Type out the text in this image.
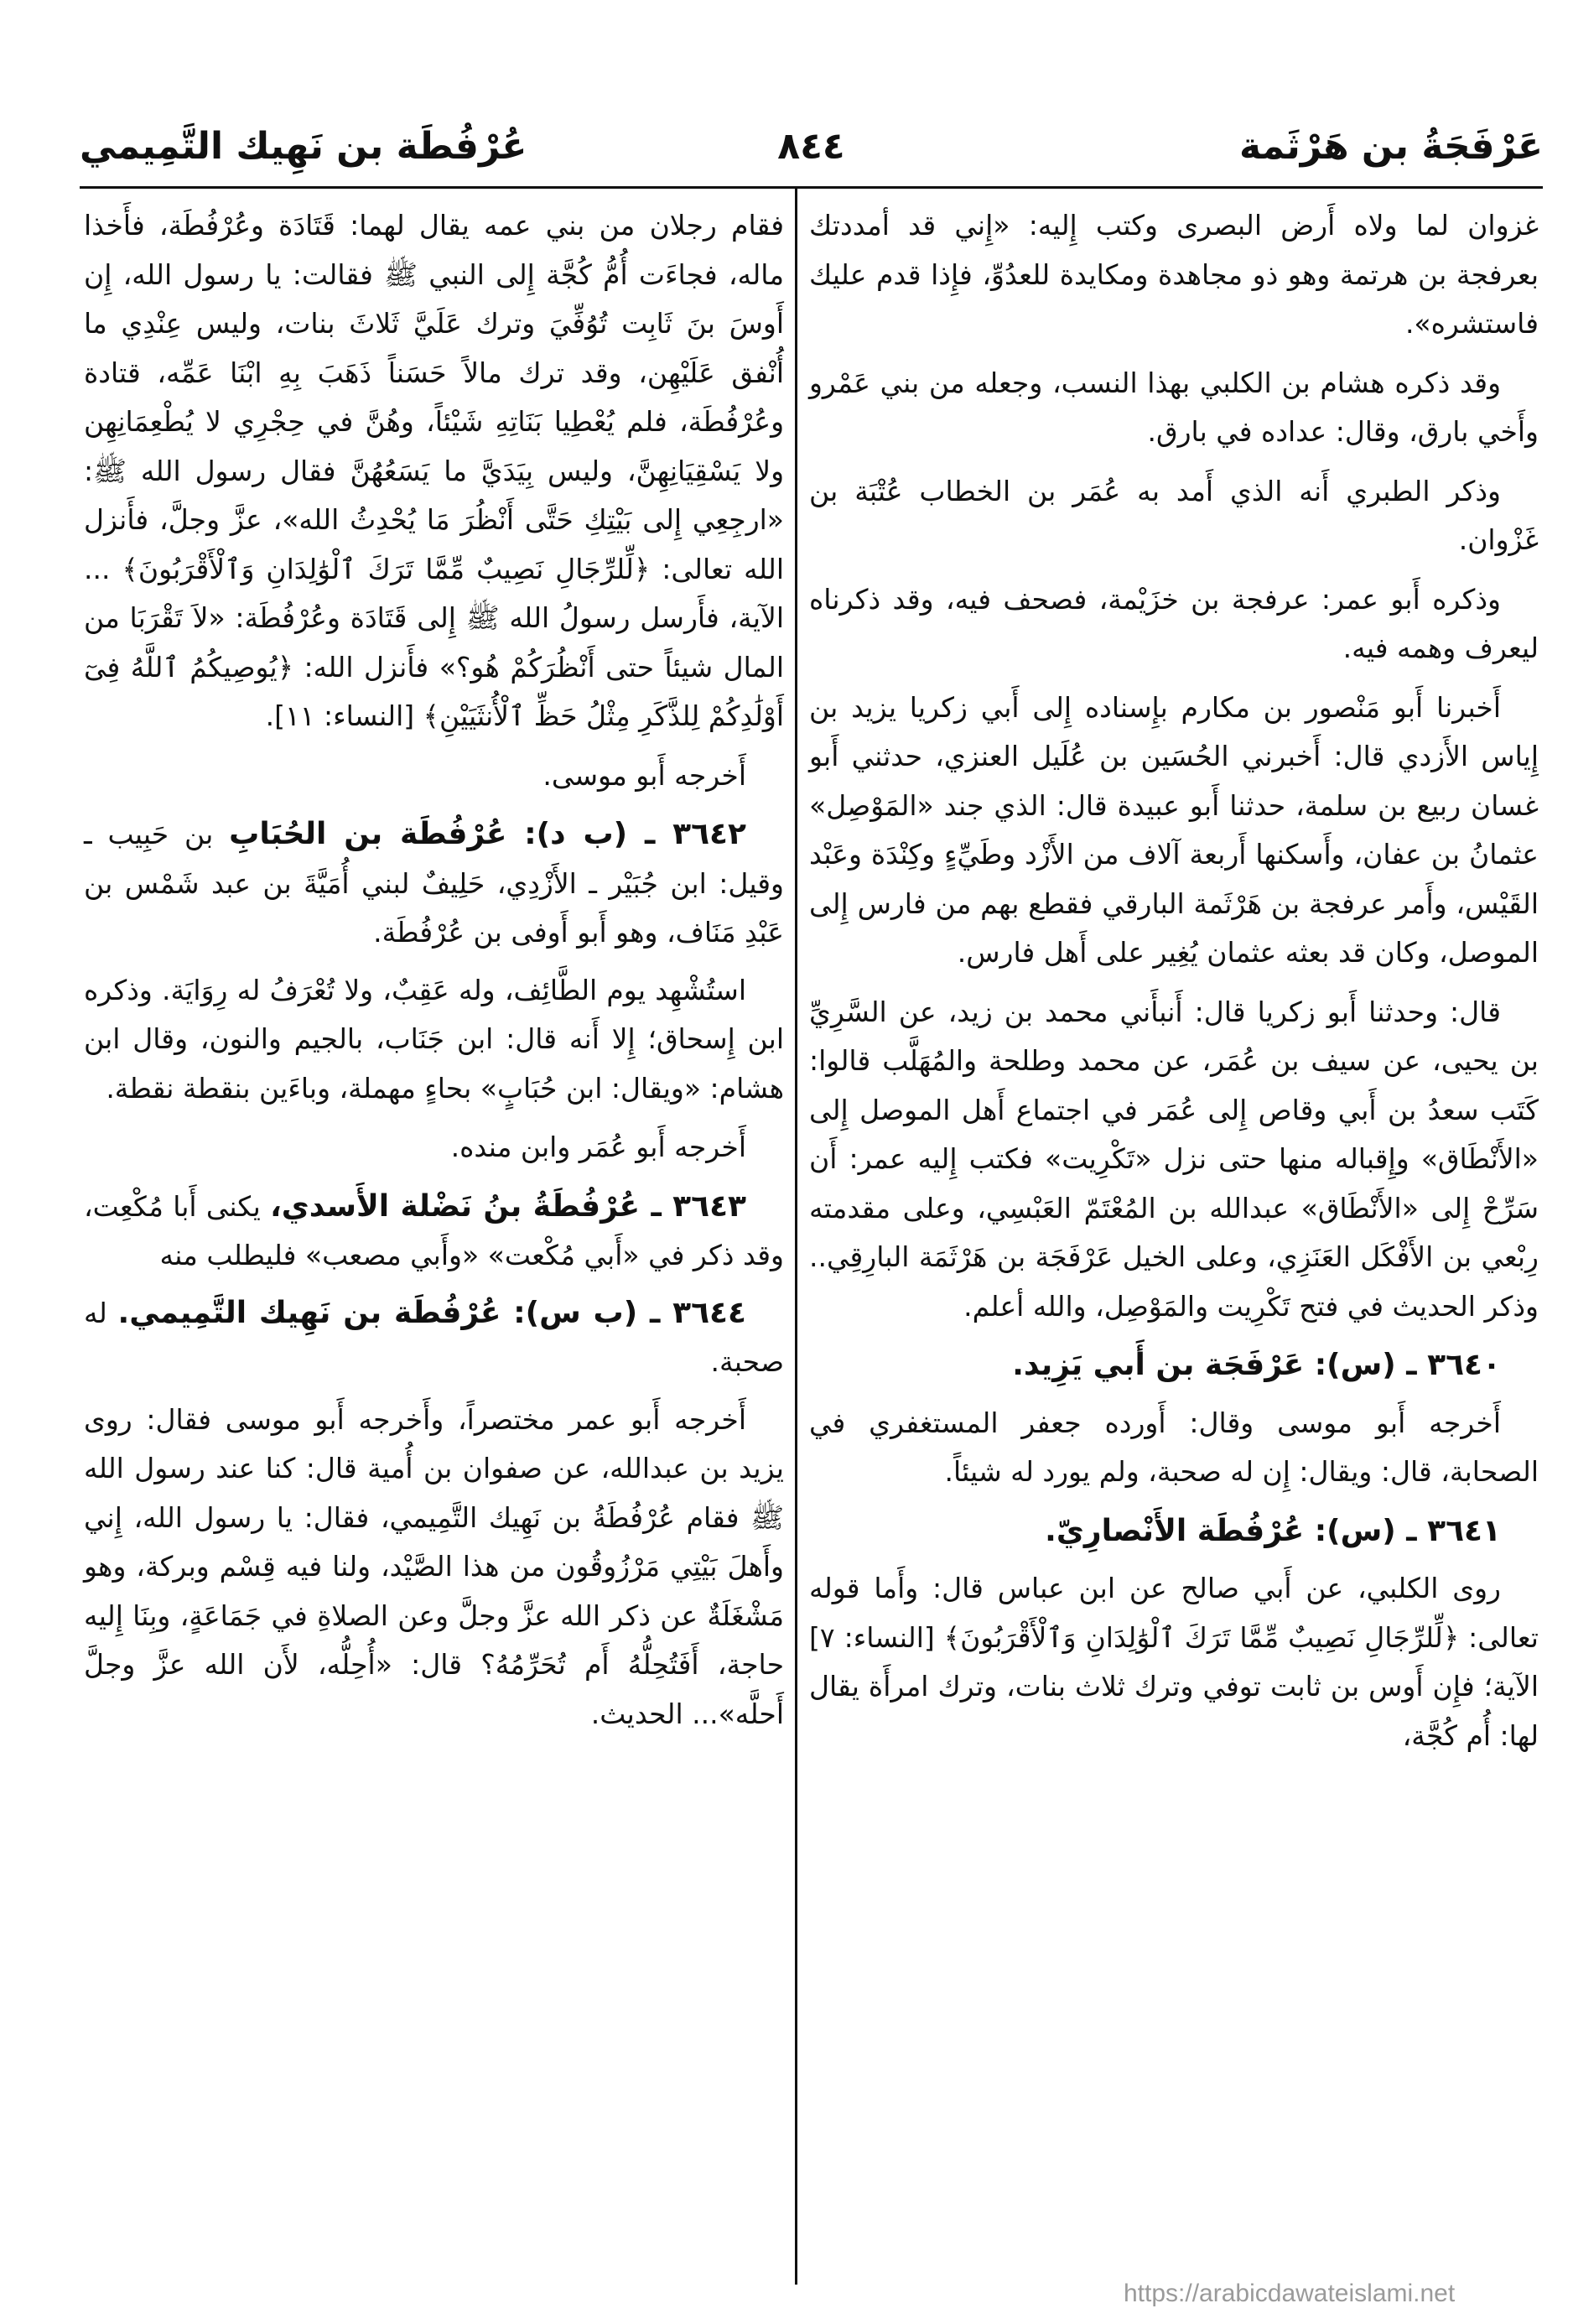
عَرْفَجَةُ بن هَرْثَمة
٨٤٤
عُرْفُطَة بن نَهِيك التَّمِيمي

غزوان لما ولاه أَرض البصرى وكتب إِليه: «إِني قد أمددتك بعرفجة بن هرتمة وهو ذو مجاهدة ومكايدة للعدُوِّ، فإِذا قدم عليك فاستشره».

وقد ذكره هشام بن الكلبي بهذا النسب، وجعله من بني عَمْرو وأَخي بارق، وقال: عداده في بارق.

وذكر الطبري أَنه الذي أَمد به عُمَر بن الخطاب عُتْبَة بن غَزْوان.

وذكره أَبو عمر: عرفجة بن خزَيْمة، فصحف فيه، وقد ذكرناه ليعرف وهمه فيه.

أَخبرنا أَبو مَنْصور بن مكارم بإِسناده إِلى أَبي زكريا يزيد بن إِياس الأَزدي قال: أَخبرني الحُسَين بن عُلَيل العنزي، حدثني أَبو غسان ربيع بن سلمة، حدثنا أَبو عبيدة قال: الذي جند «المَوْصِل» عثمانُ بن عفان، وأَسكنها أَربعة آلاف من الأَزْد وطَيِّءٍ وكِنْدَة وعَبْد القَيْس، وأَمر عرفجة بن هَرْثَمة البارقي فقطع بهم من فارس إِلى الموصل، وكان قد بعثه عثمان يُغِير على أَهل فارس.

قال: وحدثنا أَبو زكريا قال: أَنبأَني محمد بن زيد، عن السَّرِيِّ بن يحيى، عن سيف بن عُمَر، عن محمد وطلحة والمُهَلَّب قالوا: كَتَب سعدُ بن أَبي وقاص إِلى عُمَر في اجتماع أَهل الموصل إِلى «الأَنْطَاق» وإِقباله منها حتى نزل «تَكْرِيت» فكتب إِليه عمر: أَن سَرِّحْ إِلى «الأَنْطَاق» عبدالله بن المُعْتَمّ العَبْسِي، وعلى مقدمته رِبْعي بن الأَفْكَل العَنَزِي، وعلى الخيل عَرْفَجَة بن هَرْثَمَة البارِقِي.. وذكر الحديث في فتح تَكْرِيت والمَوْصِل، والله أعلم.

٣٦٤٠ ـ (س): عَرْفَجَة بن أَبي يَزِيد.

أَخرجه أَبو موسى وقال: أَورده جعفر المستغفري في الصحابة، قال: ويقال: إِن له صحبة، ولم يورد له شيئاً.

٣٦٤١ ـ (س): عُرْفُطَة الأَنْصارِيّ.

روى الكلبي، عن أَبي صالح عن ابن عباس قال: وأَما قوله تعالى: ﴿لِّلرِّجَالِ نَصِيبٌ مِّمَّا تَرَكَ ٱلْوَٰلِدَانِ وَٱلْأَقْرَبُونَ﴾ [النساء: ٧] الآية؛ فإِن أَوس بن ثابت توفي وترك ثلاث بنات، وترك امرأَة يقال لها: أُم كُجَّة،

فقام رجلان من بني عمه يقال لهما: قَتَادَة وعُرْفُطَة، فأَخذا ماله، فجاءَت أُمُّ كُجَّة إِلى النبي ﷺ فقالت: يا رسول الله، إِن أَوسَ بنَ ثَابِت تُوُفِّيَ وترك عَلَيَّ ثَلاثَ بنات، وليس عِنْدِي ما أُنْفق عَلَيْهِن، وقد ترك مالاً حَسَناً ذَهَبَ بِهِ ابْنَا عَمِّه، قتادة وعُرْفُطَة، فلم يُعْطِيا بَنَاتِهِ شَيْئاً، وهُنَّ في حِجْرِي لا يُطْعِمَانِهِن ولا يَسْقِيَانِهِنَّ، وليس بِيَدَيَّ ما يَسَعُهُنَّ فقال رسول الله ﷺ: «ارجِعِي إِلى بَيْتِكِ حَتَّى أَنْظُرَ مَا يُحْدِثُ الله»، عزَّ وجلَّ، فأَنزل الله تعالى: ﴿لِّلرِّجَالِ نَصِيبٌ مِّمَّا تَرَكَ ٱلْوَٰلِدَانِ وَٱلْأَقْرَبُونَ﴾ ... الآية، فأَرسل رسولُ الله ﷺ إِلى قَتَادَة وعُرْفُطَة: «لاَ تَقْرَبَا من المال شيئاً حتى أَنْظُرَكُمْ هُو؟» فأَنزل الله: ﴿يُوصِيكُمُ ٱللَّهُ فِىٓ أَوْلَٰدِكُمْ لِلذَّكَرِ مِثْلُ حَظِّ ٱلْأُنثَيَيْنِ﴾ [النساء: ١١].

أَخرجه أَبو موسى.

٣٦٤٢ ـ (ب د): عُرْفُطَة بن الحُبَابِ بن حَبِيب ـ وقيل: ابن جُبَيْر ـ الأَزْدِي، حَلِيفٌ لبني أُمَيَّةَ بن عبد شَمْس بن عَبْدِ مَنَاف، وهو أَبو أَوفى بن عُرْفُطَة.

استُشْهِد يوم الطَّائِف، وله عَقِبٌ، ولا تُعْرَفُ له رِوَايَة. وذكره ابن إِسحاق؛ إِلا أَنه قال: ابن جَنَاب، بالجيم والنون، وقال ابن هشام: «ويقال: ابن حُبَابٍ» بحاءٍ مهملة، وباءَين بنقطة نقطة.

أَخرجه أَبو عُمَر وابن منده.

٣٦٤٣ ـ عُرْفُطَةُ بنُ نَضْلة الأَسدي، يكنى أَبا مُكْعِت، وقد ذكر في «أَبي مُكْعت» «وأَبي مصعب» فليطلب منه

٣٦٤٤ ـ (ب س): عُرْفُطَة بن نَهِيك التَّمِيمي. له صحبة.

أَخرجه أَبو عمر مختصراً، وأَخرجه أَبو موسى فقال: روى يزيد بن عبدالله، عن صفوان بن أُمية قال: كنا عند رسول الله ﷺ فقام عُرْفُطَةُ بن نَهِيك التَّمِيمي، فقال: يا رسول الله، إِني وأَهلَ بَيْتِي مَرْزُوقُون من هذا الصَّيْد، ولنا فيه قِسْم وبركة، وهو مَشْغَلَةٌ عن ذكر الله عزَّ وجلَّ وعن الصلاةِ في جَمَاعَةٍ، وبِنَا إِليه حاجة، أَفَتُحِلُّهُ أَم تُحَرِّمُهُ؟ قال: «أُحِلُّه، لأَن الله عزَّ وجلَّ أَحلَّه»... الحديث.

https://arabicdawateislami.net
